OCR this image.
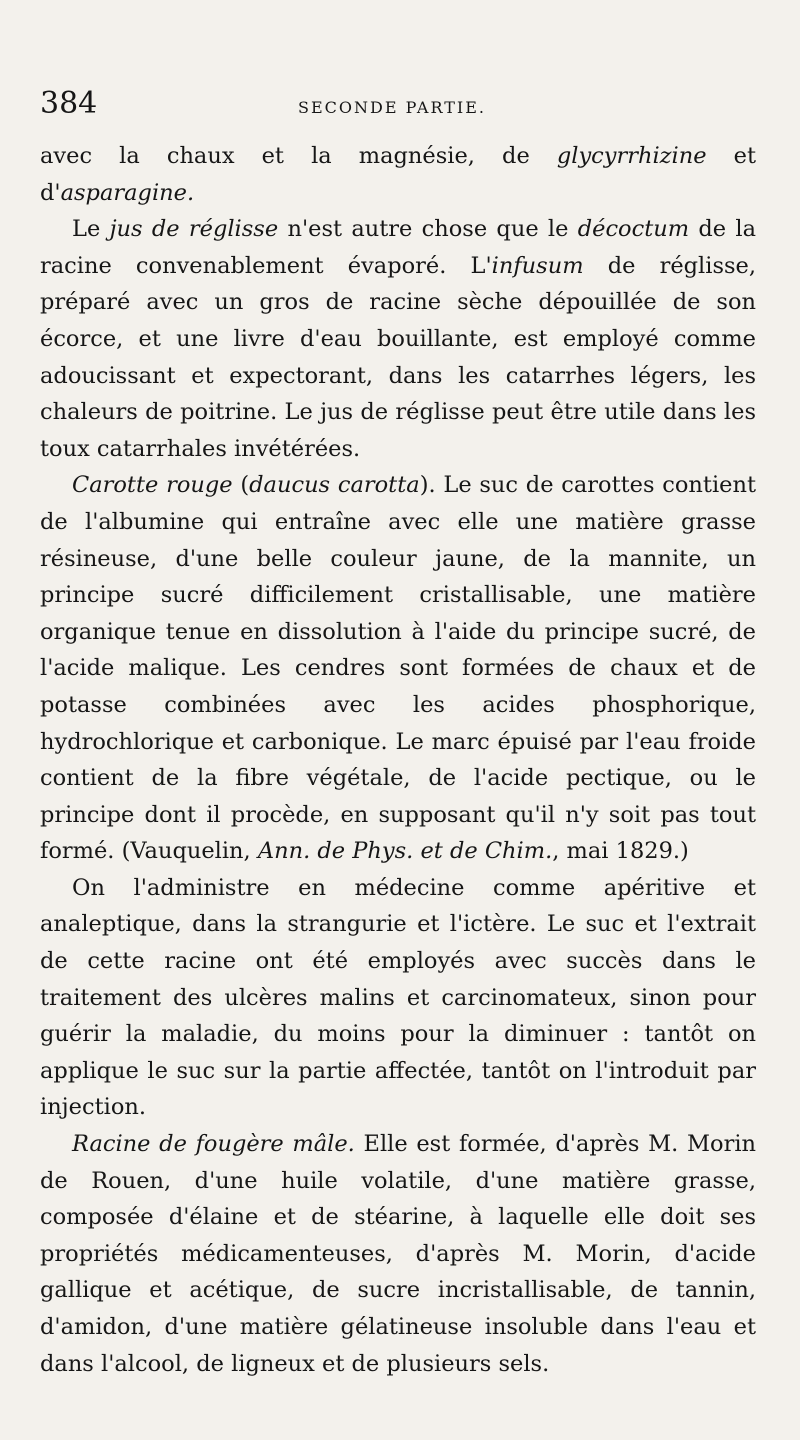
384	SECONDE PARTIE.

avec la chaux et la magnésie, de glycyrrhizine et d'asparagine.

Le jus de réglisse n'est autre chose que le décoctum de la racine convenablement évaporé. L'infusum de réglisse, préparé avec un gros de racine sèche dépouillée de son écorce, et une livre d'eau bouillante, est employé comme adoucissant et expectorant, dans les catarrhes légers, les chaleurs de poitrine. Le jus de réglisse peut être utile dans les toux catarrhales invétérées.

Carotte rouge (daucus carotta). Le suc de carottes contient de l'albumine qui entraîne avec elle une matière grasse résineuse, d'une belle couleur jaune, de la mannite, un principe sucré difficilement cristallisable, une matière organique tenue en dissolution à l'aide du principe sucré, de l'acide malique. Les cendres sont formées de chaux et de potasse combinées avec les acides phosphorique, hydrochlorique et carbonique. Le marc épuisé par l'eau froide contient de la fibre végétale, de l'acide pectique, ou le principe dont il procède, en supposant qu'il n'y soit pas tout formé. (Vauquelin, Ann. de Phys. et de Chim., mai 1829.)

On l'administre en médecine comme apéritive et analeptique, dans la strangurie et l'ictère. Le suc et l'extrait de cette racine ont été employés avec succès dans le traitement des ulcères malins et carcinomateux, sinon pour guérir la maladie, du moins pour la diminuer : tantôt on applique le suc sur la partie affectée, tantôt on l'introduit par injection.

Racine de fougère mâle. Elle est formée, d'après M. Morin de Rouen, d'une huile volatile, d'une matière grasse, composée d'élaine et de stéarine, à laquelle elle doit ses propriétés médicamenteuses, d'après M. Morin, d'acide gallique et acétique, de sucre incristallisable, de tannin, d'amidon, d'une matière gélatineuse insoluble dans l'eau et dans l'alcool, de ligneux et de plusieurs sels.
